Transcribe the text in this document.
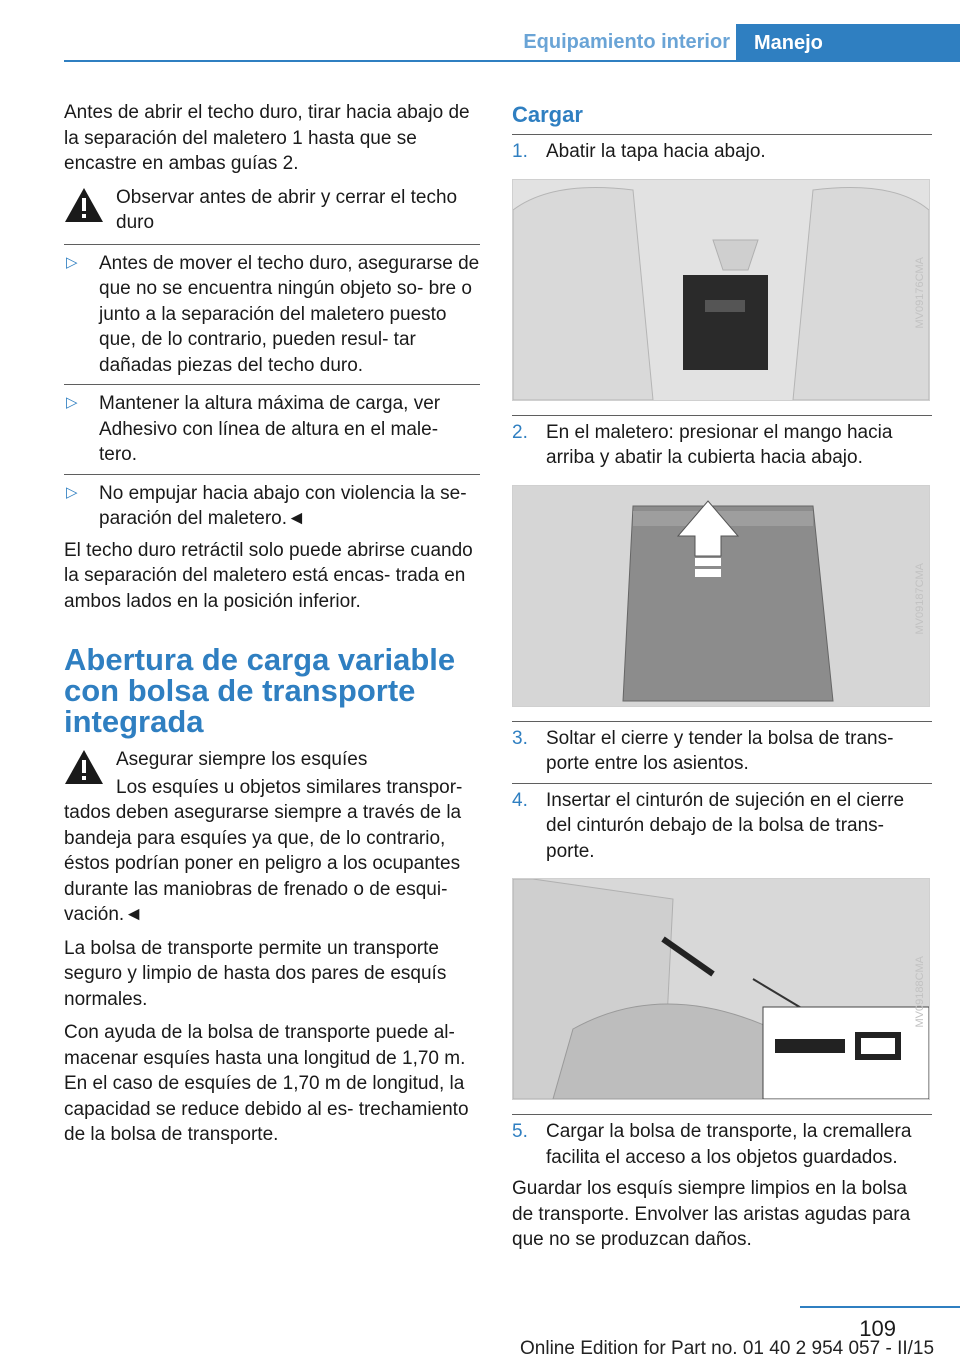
Equipamiento interior	Manejo

Antes de abrir el techo duro, tirar hacia abajo de la separación del maletero 1 hasta que se encastre en ambas guías 2.

Observar antes de abrir y cerrar el techo duro
▷ Antes de mover el techo duro, asegurarse de que no se encuentra ningún objeto so- bre o junto a la separación del maletero puesto que, de lo contrario, pueden resul- tar dañadas piezas del techo duro.
▷ Mantener la altura máxima de carga, ver Adhesivo con línea de altura en el male- tero.
▷ No empujar hacia abajo con violencia la se- paración del maletero.◄

El techo duro retráctil solo puede abrirse cuando la separación del maletero está encas- trada en ambos lados en la posición inferior.

Abertura de carga variable con bolsa de transporte integrada
Asegurar siempre los esquíes

Los esquíes u objetos similares transpor- tados deben asegurarse siempre a través de la bandeja para esquíes ya que, de lo contrario, éstos podrían poner en peligro a los ocupantes durante las maniobras de frenado o de esqui- vación.◄

La bolsa de transporte permite un transporte seguro y limpio de hasta dos pares de esquís normales.

Con ayuda de la bolsa de transporte puede al- macenar esquíes hasta una longitud de 1,70 m. En el caso de esquíes de 1,70 m de longitud, la capacidad se reduce debido al es- trechamiento de la bolsa de transporte.

Cargar
1. Abatir la tapa hacia abajo.
MV09176CMA
2. En el maletero: presionar el mango hacia arriba y abatir la cubierta hacia abajo.
MV09187CMA
3. Soltar el cierre y tender la bolsa de trans- porte entre los asientos.
4. Insertar el cinturón de sujeción en el cierre del cinturón debajo de la bolsa de trans- porte.
MV09188CMA
5. Cargar la bolsa de transporte, la cremallera facilita el acceso a los objetos guardados.

Guardar los esquís siempre limpios en la bolsa de transporte. Envolver las aristas agudas para que no se produzcan daños.

109
Online Edition for Part no. 01 40 2 954 057 - II/15
